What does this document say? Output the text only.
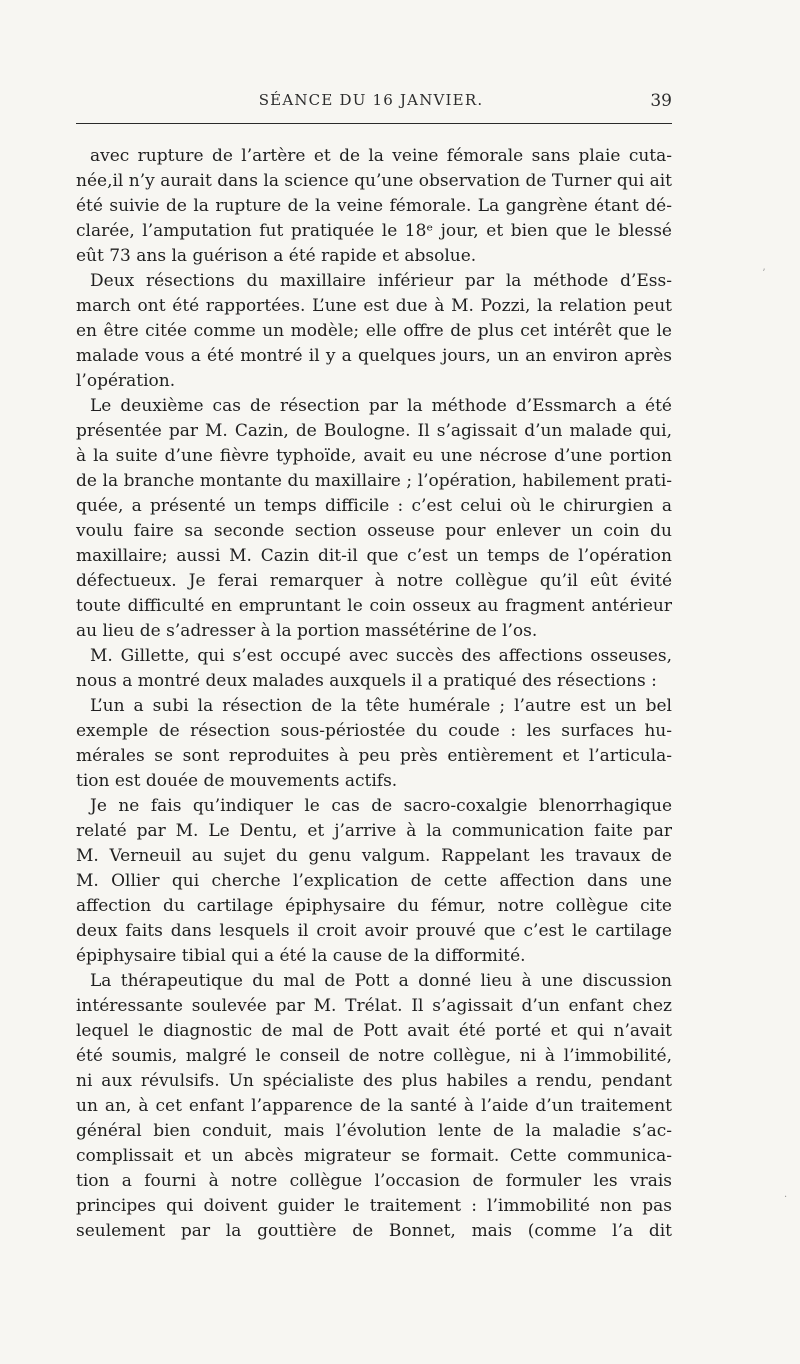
SÉANCE DU 16 JANVIER.	39

avec rupture de l’artère et de la veine fémorale sans plaie cuta-
née,il n’y aurait dans la science qu’une observation de Turner qui ait
été suivie de la rupture de la veine fémorale. La gangrène étant dé-
clarée, l’amputation fut pratiquée le 18ᵉ jour, et bien que le blessé
eût 73 ans la guérison a été rapide et absolue.

Deux résections du maxillaire inférieur par la méthode d’Ess-
march ont été rapportées. L’une est due à M. Pozzi, la relation peut
en être citée comme un modèle; elle offre de plus cet intérêt que le
malade vous a été montré il y a quelques jours, un an environ après
l’opération.

Le deuxième cas de résection par la méthode d’Essmarch a été
présentée par M. Cazin, de Boulogne. Il s’agissait d’un malade qui,
à la suite d’une fièvre typhoïde, avait eu une nécrose d’une portion
de la branche montante du maxillaire ; l’opération, habilement prati-
quée, a présenté un temps difficile : c’est celui où le chirurgien a
voulu faire sa seconde section osseuse pour enlever un coin du
maxillaire; aussi M. Cazin dit-il que c’est un temps de l’opération
défectueux. Je ferai remarquer à notre collègue qu’il eût évité
toute difficulté en empruntant le coin osseux au fragment antérieur
au lieu de s’adresser à la portion massétérine de l’os.

M. Gillette, qui s’est occupé avec succès des affections osseuses,
nous a montré deux malades auxquels il a pratiqué des résections :

L’un a subi la résection de la tête humérale ; l’autre est un bel
exemple de résection sous-périostée du coude : les surfaces hu-
mérales se sont reproduites à peu près entièrement et l’articula-
tion est douée de mouvements actifs.

Je ne fais qu’indiquer le cas de sacro-coxalgie blenorrhagique
relaté par M. Le Dentu, et j’arrive à la communication faite par
M. Verneuil au sujet du genu valgum. Rappelant les travaux de
M. Ollier qui cherche l’explication de cette affection dans une
affection du cartilage épiphysaire du fémur, notre collègue cite
deux faits dans lesquels il croit avoir prouvé que c’est le cartilage
épiphysaire tibial qui a été la cause de la difformité.

La thérapeutique du mal de Pott a donné lieu à une discussion
intéressante soulevée par M. Trélat. Il s’agissait d’un enfant chez
lequel le diagnostic de mal de Pott avait été porté et qui n’avait
été soumis, malgré le conseil de notre collègue, ni à l’immobilité,
ni aux révulsifs. Un spécialiste des plus habiles a rendu, pendant
un an, à cet enfant l’apparence de la santé à l’aide d’un traitement
général bien conduit, mais l’évolution lente de la maladie s’ac-
complissait et un abcès migrateur se formait. Cette communica-
tion a fourni à notre collègue l’occasion de formuler les vrais
principes qui doivent guider le traitement : l’immobilité non pas
seulement par la gouttière de Bonnet, mais (comme l’a dit

ʼ
·
